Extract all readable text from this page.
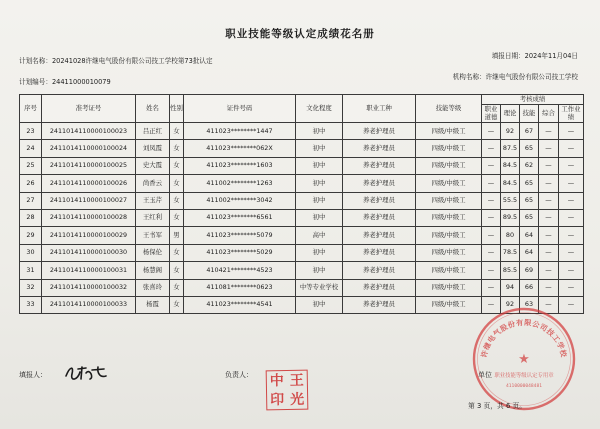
职业技能等级认定成绩花名册
计划名称：20241028许继电气股份有限公司技工学校第73批认定
填报日期：2024年11月04日
计划编号：24411000010079
机构名称：许继电气股份有限公司技工学校
序号	准考证号	姓名	性别	证件号码	文化程度	职业工种	技能等级	考核成绩				
								职业道德	理论	技能	综合	工作业绩
23	2411014110000100023	吕正红	女	411023********1447	初中	养老护理员	四级/中级工	—	92	67	—	—
24	2411014110000100024	刘凤霞	女	411023********062X	初中	养老护理员	四级/中级工	—	87.5	65	—	—
25	2411014110000100025	史大霞	女	411023********1603	初中	养老护理员	四级/中级工	—	84.5	62	—	—
26	2411014110000100026	尚香云	女	411002********1263	初中	养老护理员	四级/中级工	—	84.5	65	—	—
27	2411014110000100027	王玉芹	女	411002********3042	初中	养老护理员	四级/中级工	—	55.5	65	—	—
28	2411014110000100028	王红利	女	411023********6561	初中	养老护理员	四级/中级工	—	89.5	65	—	—
29	2411014110000100029	王书军	男	411023********5079	高中	养老护理员	四级/中级工	—	80	64	—	—
30	2411014110000100030	杨保伦	女	411023********5029	初中	养老护理员	四级/中级工	—	78.5	64	—	—
31	2411014110000100031	杨慧阁	女	410421********4523	初中	养老护理员	四级/中级工	—	85.5	69	—	—
32	2411014110000100032	张喜玲	女	411081********0623	中等专业学校	养老护理员	四级/中级工	—	94	66	—	—
33	2411014110000100033	杨霞	女	411023********4541	初中	养老护理员	四级/中级工	—	92	63	—	—
填报人：	负责人： 中 王
印 光
单位
许继电气股份有限公司技工学校
★
职业技能等级认定专用章
4110000048481
第 3 页，共 6 页。
